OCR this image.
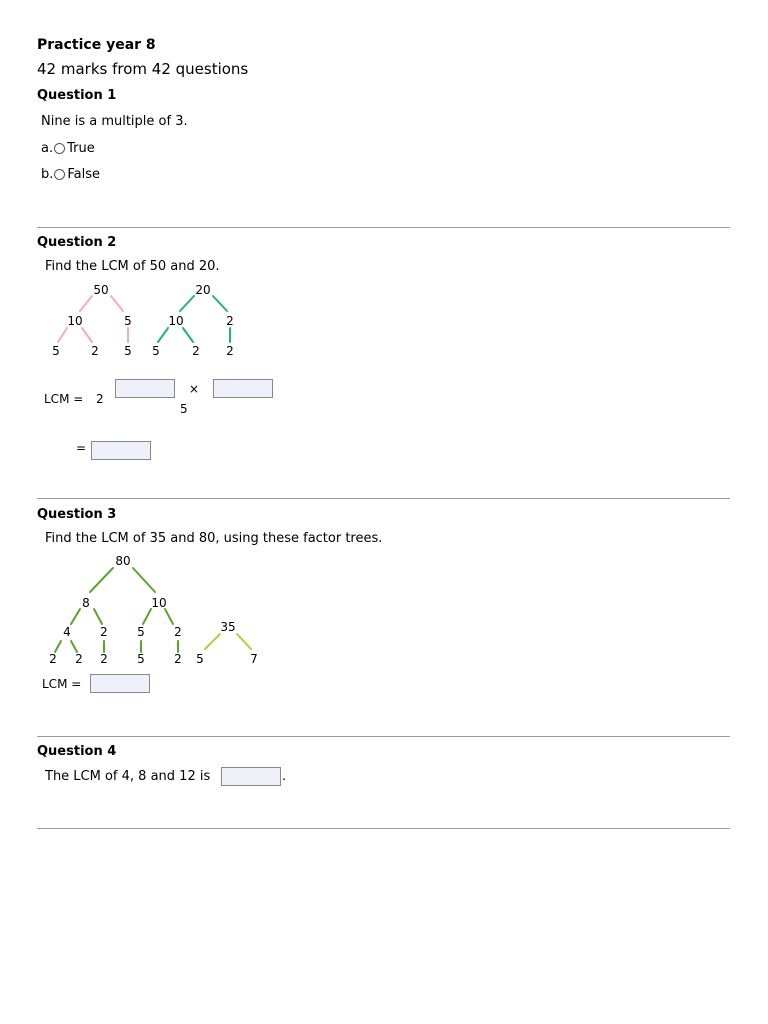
Practice year 8
42 marks from 42 questions
Question 1
Nine is a multiple of 3.
a. True
b. False
Question 2
Find the LCM of 50 and 20.
50
10	5
5	2 5
20
10	2
5	2 2
LCM = 2
×
5
=
Question 3
Find the LCM of 35 and 80, using these factor trees.
80
8	10
4 2 5 2
2 2 2 5 2
35
5	7
LCM =
Question 4
The LCM of 4, 8 and 12 is	.
